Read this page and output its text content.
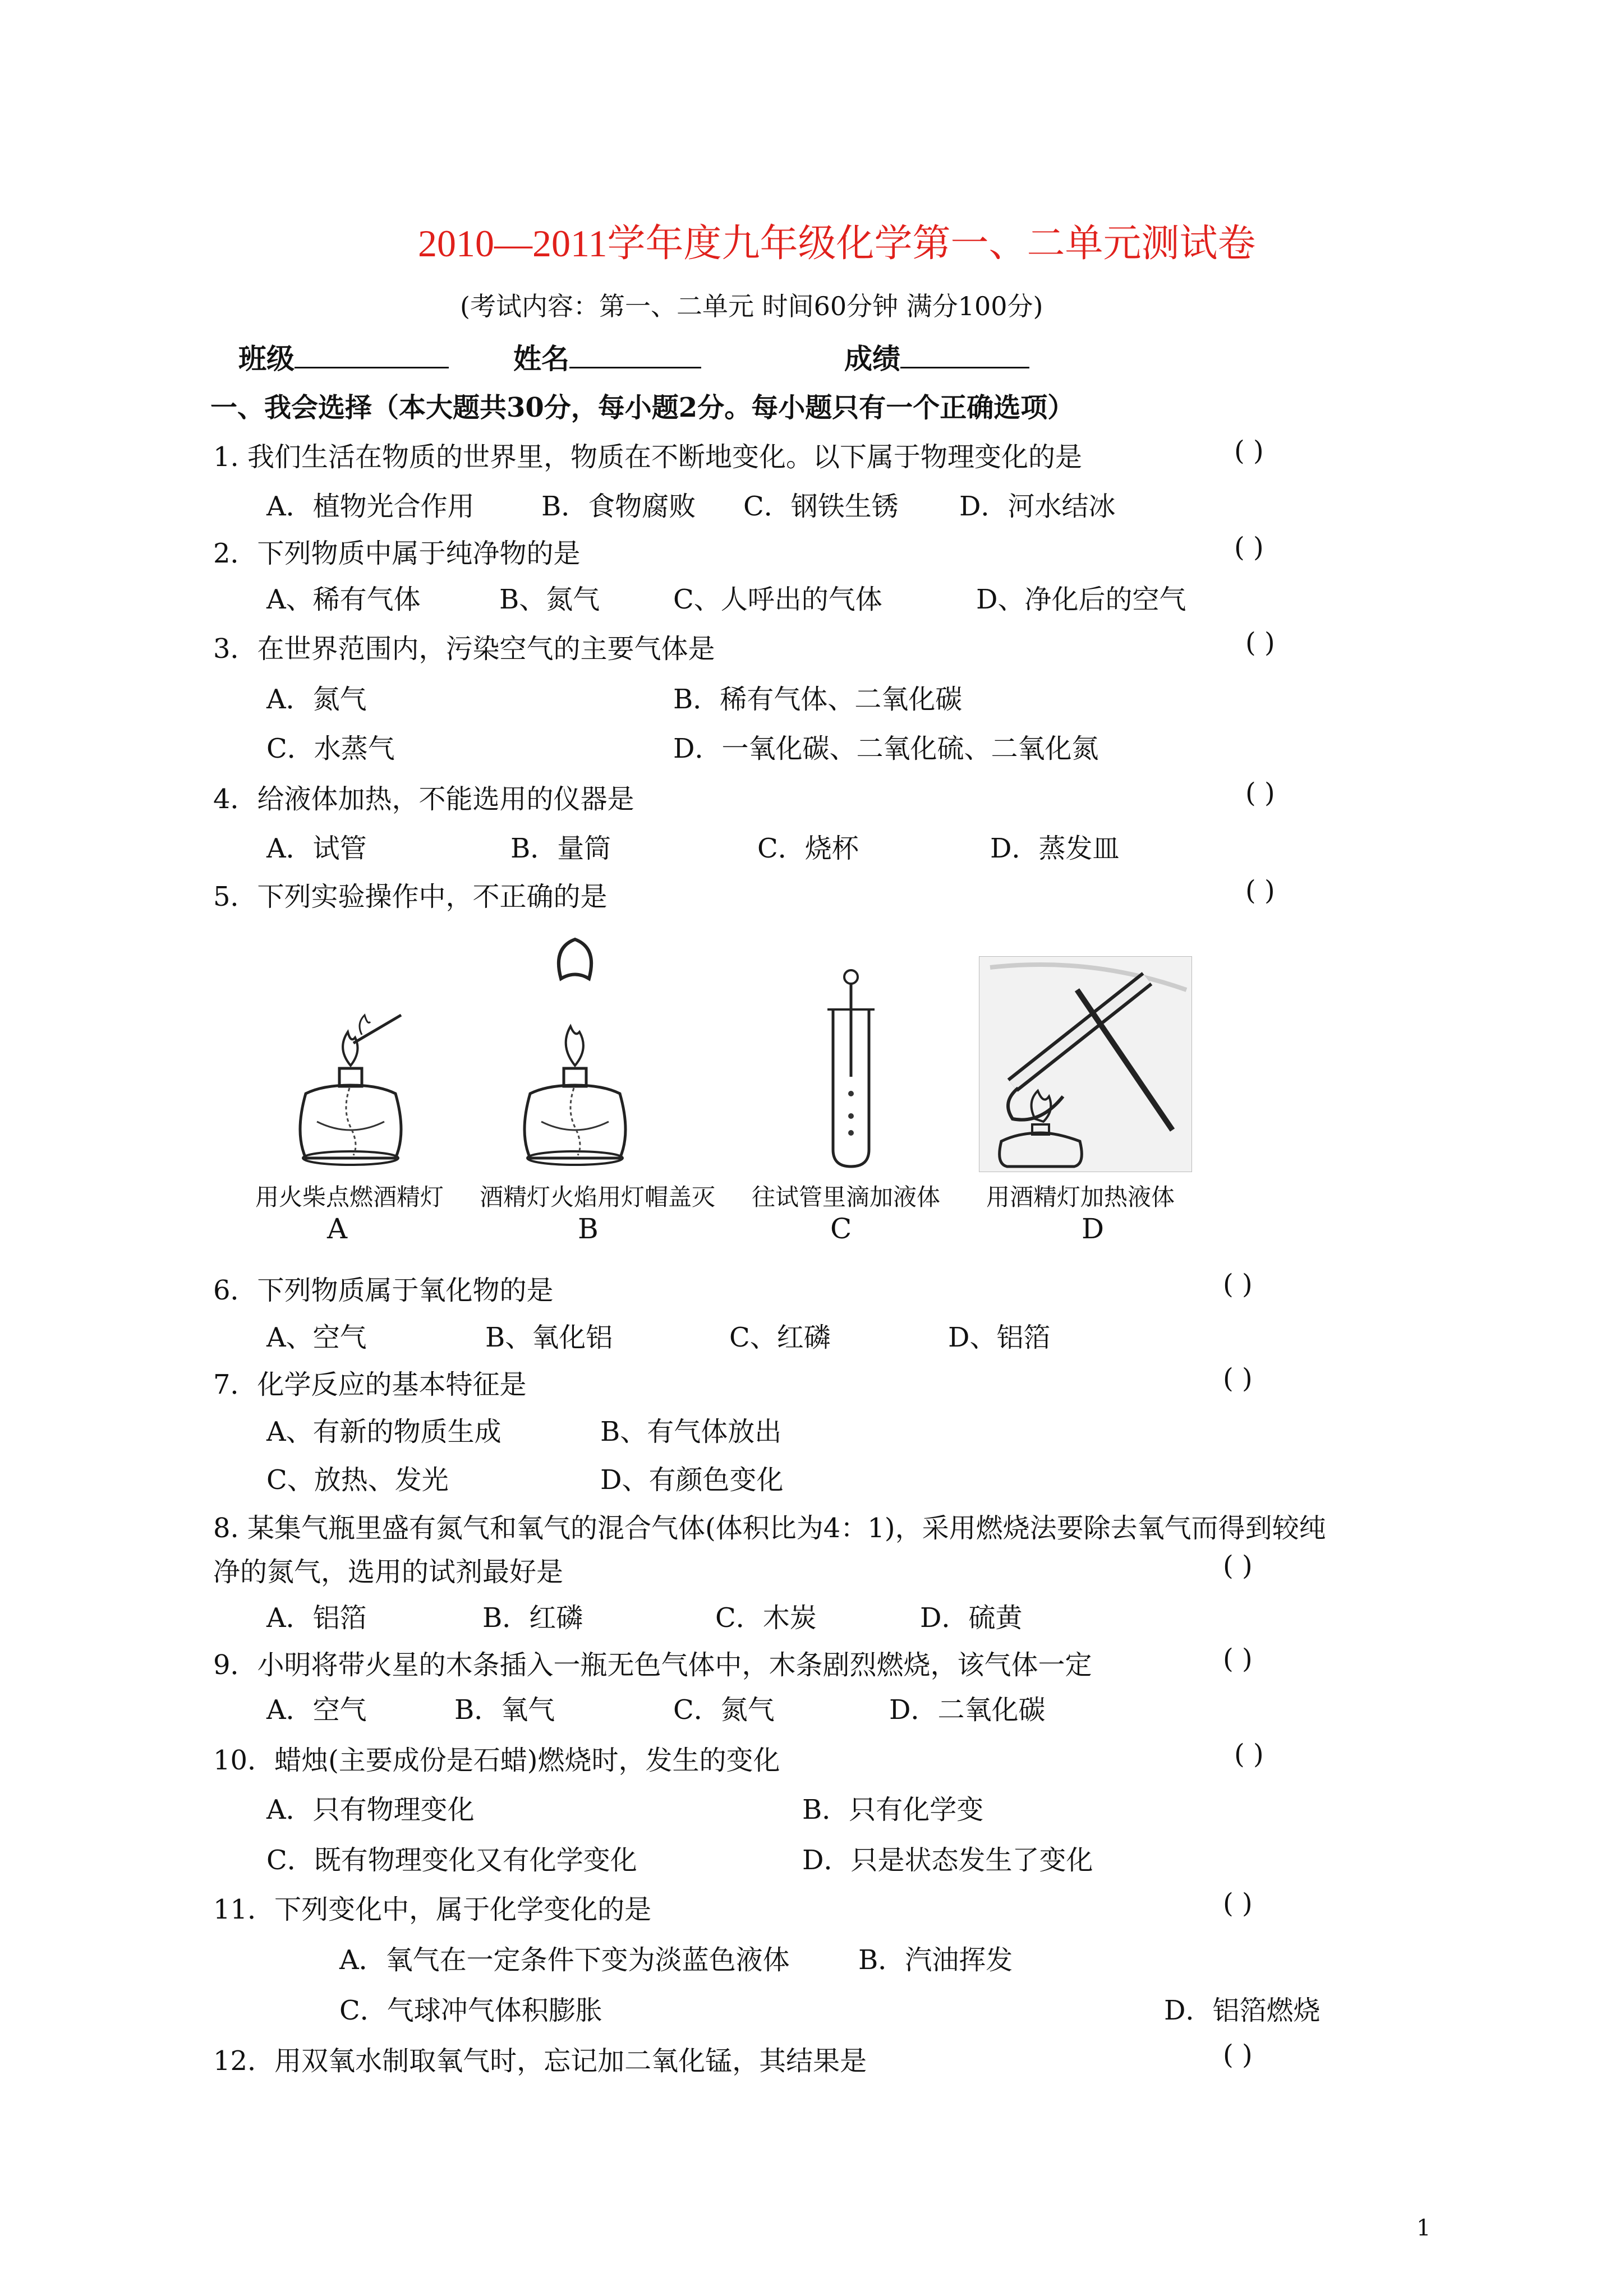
2010—2011学年度九年级化学第一、二单元测试卷
(考试内容：第一、二单元 时间60分钟 满分100分)
班级	姓名	成绩
一、我会选择（本大题共30分，每小题2分。每小题只有一个正确选项）
1. 我们生活在物质的世界里，物质在不断地变化。以下属于物理变化的是	( )
A．植物光合作用 B．食物腐败 C．钢铁生锈 D．河水结冰
2．下列物质中属于纯净物的是	( )
A、稀有气体	B、氮气	C、人呼出的气体	D、净化后的空气
3．在世界范围内，污染空气的主要气体是	( )
A．氮气	B．稀有气体、二氧化碳
C．水蒸气	D．一氧化碳、二氧化硫、二氧化氮
4．给液体加热，不能选用的仪器是	( )
A．试管	B．量筒	C．烧杯	D．蒸发皿
5．下列实验操作中，不正确的是	( )
用火柴点燃酒精灯 酒精灯火焰用灯帽盖灭 往试管里滴加液体 用酒精灯加热液体
A	B	C	D
6．下列物质属于氧化物的是	( )
A、空气	B、氧化铝	C、红磷	D、铝箔
7．化学反应的基本特征是	( )
A、有新的物质生成	B、有气体放出
C、放热、发光	D、有颜色变化
8. 某集气瓶里盛有氮气和氧气的混合气体(体积比为4：1)，采用燃烧法要除去氧气而得到较纯
净的氮气，选用的试剂最好是	( )
A．铝箔	B．红磷	C．木炭	D．硫黄
9．小明将带火星的木条插入一瓶无色气体中，木条剧烈燃烧，该气体一定	( )
A．空气	B．氧气	C．氮气	D．二氧化碳
10．蜡烛(主要成份是石蜡)燃烧时，发生的变化	( )
A．只有物理变化	B．只有化学变
C．既有物理变化又有化学变化	D．只是状态发生了变化
11．下列变化中，属于化学变化的是	( )
A．氧气在一定条件下变为淡蓝色液体	B．汽油挥发
C．气球冲气体积膨胀	D．铝箔燃烧
12．用双氧水制取氧气时，忘记加二氧化锰，其结果是	( )
1
